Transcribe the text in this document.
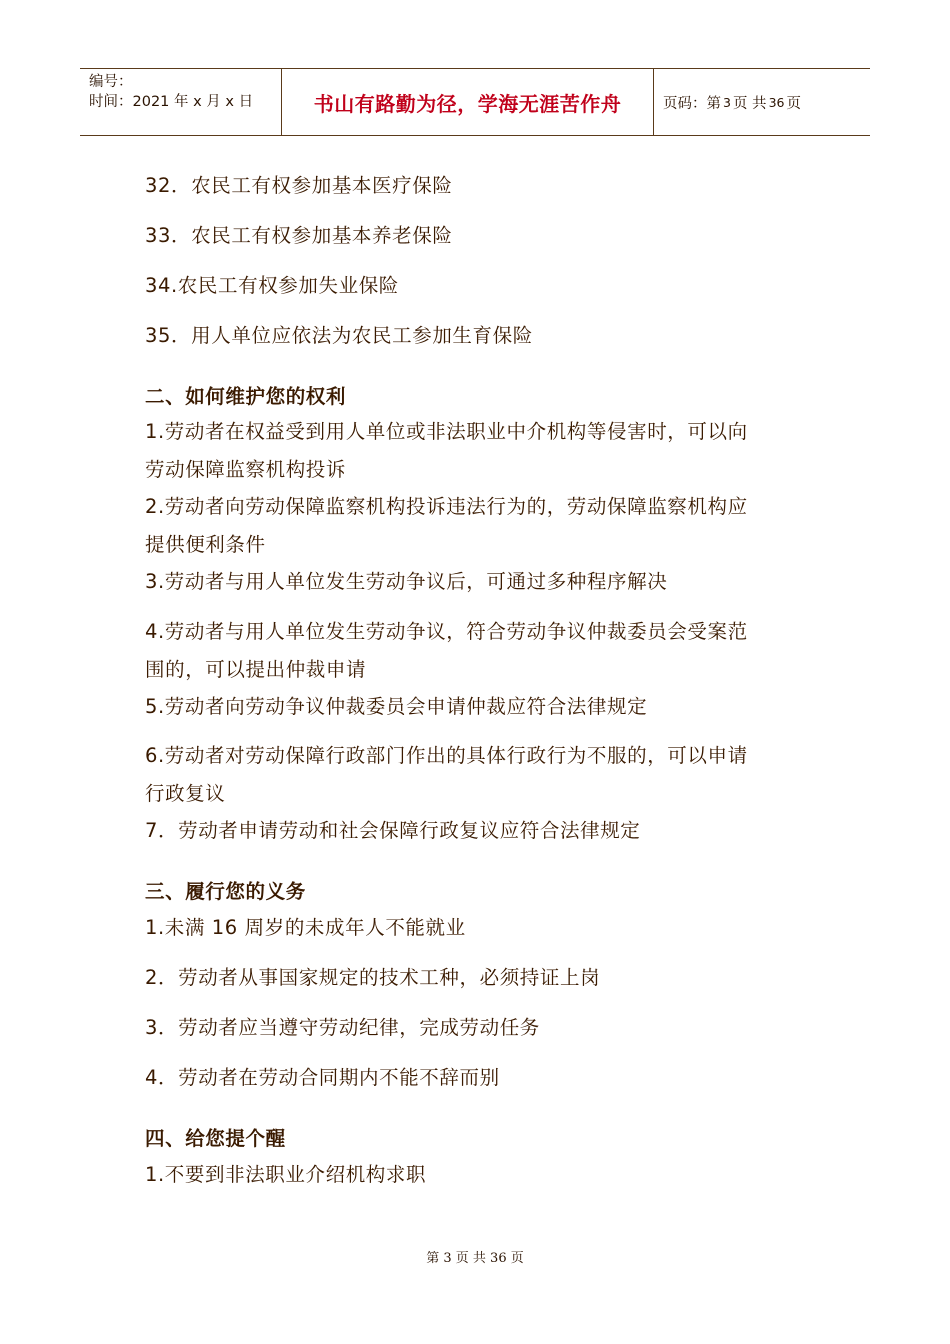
编号：
时间：2021 年 x 月 x 日	书山有路勤为径，学海无涯苦作舟	页码：第 3 页 共 36 页
32．农民工有权参加基本医疗保险
33．农民工有权参加基本养老保险
34.农民工有权参加失业保险
35．用人单位应依法为农民工参加生育保险
二、如何维护您的权利
1.劳动者在权益受到用人单位或非法职业中介机构等侵害时，可以向
劳动保障监察机构投诉
2.劳动者向劳动保障监察机构投诉违法行为的，劳动保障监察机构应
提供便利条件
3.劳动者与用人单位发生劳动争议后，可通过多种程序解决
4.劳动者与用人单位发生劳动争议，符合劳动争议仲裁委员会受案范
围的，可以提出仲裁申请
5.劳动者向劳动争议仲裁委员会申请仲裁应符合法律规定
6.劳动者对劳动保障行政部门作出的具体行政行为不服的，可以申请
行政复议
7．劳动者申请劳动和社会保障行政复议应符合法律规定
三、履行您的义务
1.未满 16 周岁的未成年人不能就业
2．劳动者从事国家规定的技术工种，必须持证上岗
3．劳动者应当遵守劳动纪律，完成劳动任务
4．劳动者在劳动合同期内不能不辞而别
四、给您提个醒
1.不要到非法职业介绍机构求职
第 3 页 共 36 页
